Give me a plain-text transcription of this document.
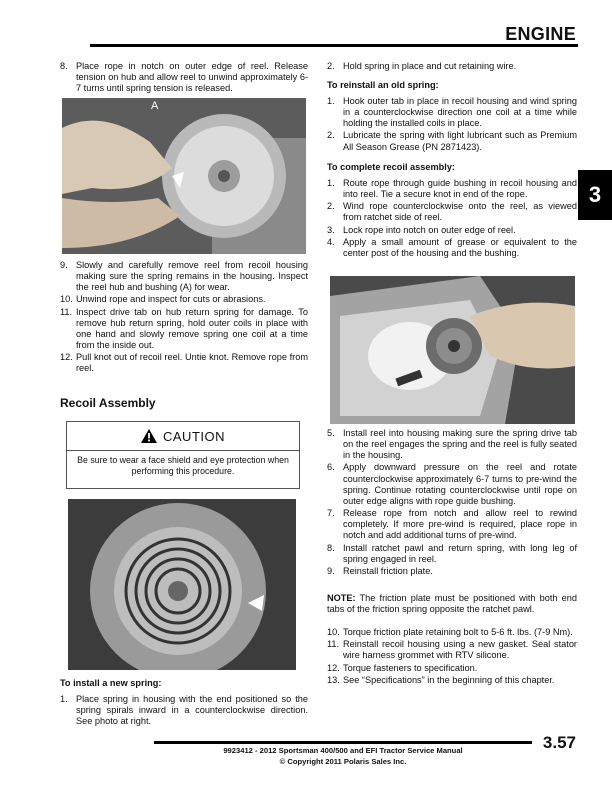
ENGINE
3
8. Place rope in notch on outer edge of reel. Release tension on hub and allow reel to unwind approximately 6-7 turns until spring tension is released.
A
9. Slowly and carefully remove reel from recoil housing making sure the spring remains in the housing. Inspect the reel hub and bushing (A) for wear.
10. Unwind rope and inspect for cuts or abrasions.
11. Inspect drive tab on hub return spring for damage. To remove hub return spring, hold outer coils in place with one hand and slowly remove spring one coil at a time from the inside out.
12. Pull knot out of recoil reel. Untie knot. Remove rope from reel.
Recoil Assembly
CAUTION
Be sure to wear a face shield and eye protection when performing this procedure.
To install a new spring:
1. Place spring in housing with the end positioned so the spring spirals inward in a counterclockwise direction. See photo at right.
2. Hold spring in place and cut retaining wire.
To reinstall an old spring:
1. Hook outer tab in place in recoil housing and wind spring in a counterclockwise direction one coil at a time while holding the installed coils in place.
2. Lubricate the spring with light lubricant such as Premium All Season Grease (PN 2871423).
To complete recoil assembly:
1. Route rope through guide bushing in recoil housing and into reel. Tie a secure knot in end of the rope.
2. Wind rope counterclockwise onto the reel, as viewed from ratchet side of reel.
3. Lock rope into notch on outer edge of reel.
4. Apply a small amount of grease or equivalent to the center post of the housing and the bushing.
5. Install reel into housing making sure the spring drive tab on the reel engages the spring and the reel is fully seated in the housing.
6. Apply downward pressure on the reel and rotate counterclockwise approximately 6-7 turns to pre-wind the spring. Continue rotating counterclockwise until rope on outer edge aligns with rope guide bushing.
7. Release rope from notch and allow reel to rewind completely. If more pre-wind is required, place rope in notch and add additional turns of pre-wind.
8. Install ratchet pawl and return spring, with long leg of spring engaged in reel.
9. Reinstall friction plate.
NOTE: The friction plate must be positioned with both end tabs of the friction spring opposite the ratchet pawl.
10. Torque friction plate retaining bolt to 5-6 ft. lbs. (7-9 Nm).
11. Reinstall recoil housing using a new gasket. Seal stator wire harness grommet with RTV silicone.
12. Torque fasteners to specification.
13. See “Specifications” in the beginning of this chapter.
9923412 - 2012 Sportsman 400/500 and EFI Tractor Service Manual
© Copyright 2011 Polaris Sales Inc.
3.57
